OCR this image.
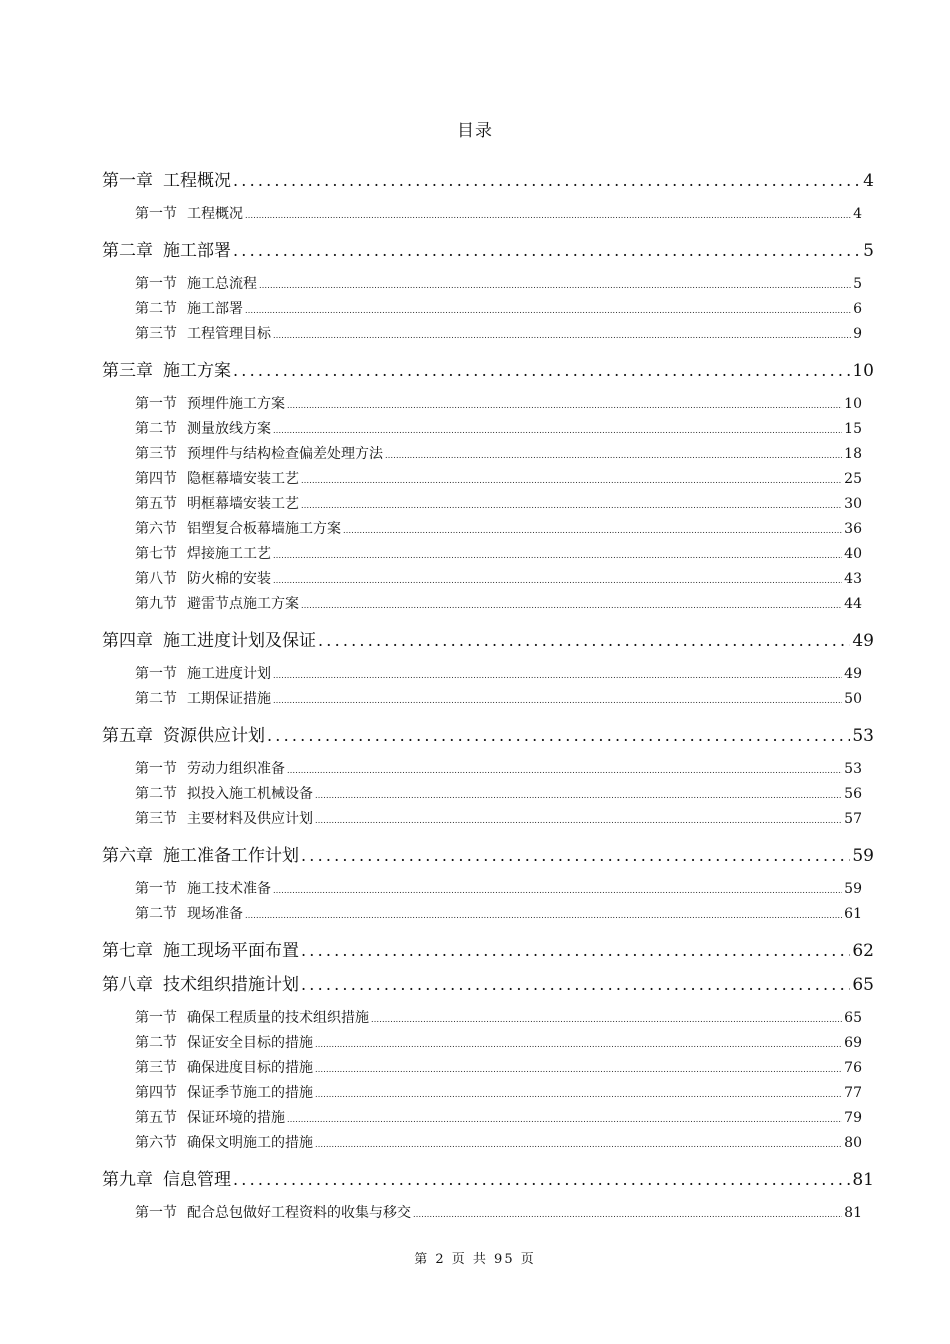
目录
第一章 工程概况 .....	4
第一节 工程概况 .....	4
第二章 施工部署 .....	5
第一节 施工总流程 .....	5
第二节 施工部署 .....	6
第三节 工程管理目标 .....	9
第三章 施工方案 .....	10
第一节 预埋件施工方案 .....	10
第二节 测量放线方案 .....	15
第三节 预埋件与结构检查偏差处理方法 .....	18
第四节 隐框幕墙安装工艺 .....	25
第五节 明框幕墙安装工艺 .....	30
第六节 铝塑复合板幕墙施工方案 .....	36
第七节 焊接施工工艺 .....	40
第八节 防火棉的安装 .....	43
第九节 避雷节点施工方案 .....	44
第四章 施工进度计划及保证 .....	49
第一节 施工进度计划 .....	49
第二节 工期保证措施 .....	50
第五章 资源供应计划 .....	53
第一节 劳动力组织准备 .....	53
第二节 拟投入施工机械设备 .....	56
第三节 主要材料及供应计划 .....	57
第六章 施工准备工作计划 .....	59
第一节 施工技术准备 .....	59
第二节 现场准备 .....	61
第七章 施工现场平面布置 .....	62
第八章 技术组织措施计划 .....	65
第一节 确保工程质量的技术组织措施 .....	65
第二节 保证安全目标的措施 .....	69
第三节 确保进度目标的措施 .....	76
第四节 保证季节施工的措施 .....	77
第五节 保证环境的措施 .....	79
第六节 确保文明施工的措施 .....	80
第九章 信息管理 .....	81
第一节 配合总包做好工程资料的收集与移交 .....	81
第 2 页 共 95 页
